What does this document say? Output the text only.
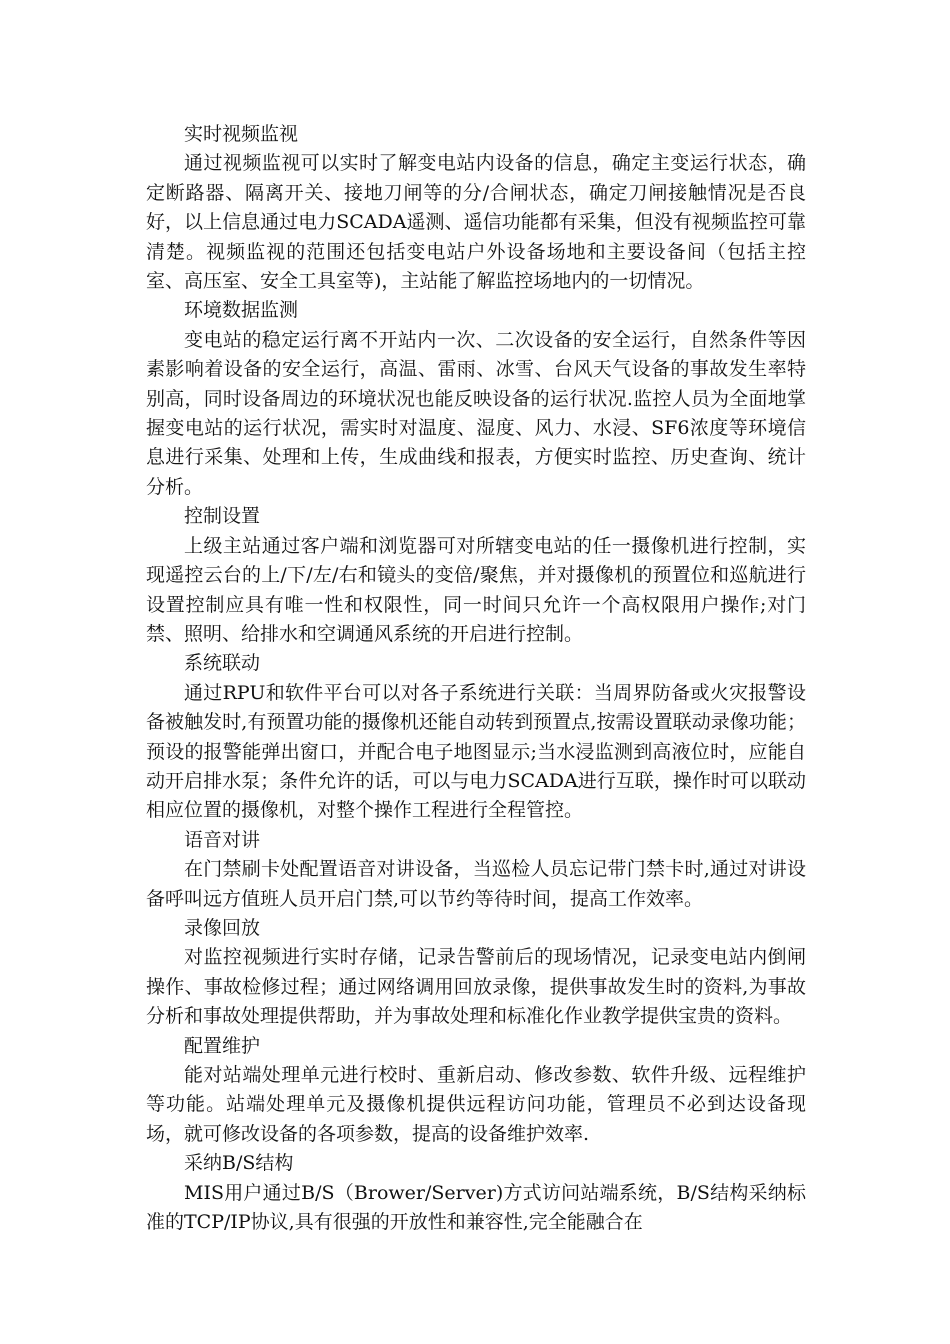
实时视频监视

通过视频监视可以实时了解变电站内设备的信息，确定主变运行状态，确定断路器、隔离开关、接地刀闸等的分/合闸状态，确定刀闸接触情况是否良好，以上信息通过电力SCADA遥测、遥信功能都有采集，但没有视频监控可靠清楚。视频监视的范围还包括变电站户外设备场地和主要设备间（包括主控室、高压室、安全工具室等)，主站能了解监控场地内的一切情况。

环境数据监测

变电站的稳定运行离不开站内一次、二次设备的安全运行，自然条件等因素影响着设备的安全运行，高温、雷雨、冰雪、台风天气设备的事故发生率特别高，同时设备周边的环境状况也能反映设备的运行状况.监控人员为全面地掌握变电站的运行状况，需实时对温度、湿度、风力、水浸、SF6浓度等环境信息进行采集、处理和上传，生成曲线和报表，方便实时监控、历史查询、统计分析。

控制设置

上级主站通过客户端和浏览器可对所辖变电站的任一摄像机进行控制，实现遥控云台的上/下/左/右和镜头的变倍/聚焦，并对摄像机的预置位和巡航进行设置控制应具有唯一性和权限性，同一时间只允许一个高权限用户操作;对门禁、照明、给排水和空调通风系统的开启进行控制。

系统联动

通过RPU和软件平台可以对各子系统进行关联：当周界防备或火灾报警设备被触发时,有预置功能的摄像机还能自动转到预置点,按需设置联动录像功能；预设的报警能弹出窗口，并配合电子地图显示;当水浸监测到高液位时，应能自动开启排水泵；条件允许的话，可以与电力SCADA进行互联，操作时可以联动相应位置的摄像机，对整个操作工程进行全程管控。

语音对讲

在门禁刷卡处配置语音对讲设备，当巡检人员忘记带门禁卡时,通过对讲设备呼叫远方值班人员开启门禁,可以节约等待时间，提高工作效率。

录像回放

对监控视频进行实时存储，记录告警前后的现场情况，记录变电站内倒闸操作、事故检修过程；通过网络调用回放录像，提供事故发生时的资料,为事故分析和事故处理提供帮助，并为事故处理和标准化作业教学提供宝贵的资料。

配置维护

能对站端处理单元进行校时、重新启动、修改参数、软件升级、远程维护等功能。站端处理单元及摄像机提供远程访问功能，管理员不必到达设备现场，就可修改设备的各项参数，提高的设备维护效率.

采纳B/S结构

MIS用户通过B/S（Brower/Server)方式访问站端系统，B/S结构采纳标准的TCP/IP协议,具有很强的开放性和兼容性,完全能融合在
